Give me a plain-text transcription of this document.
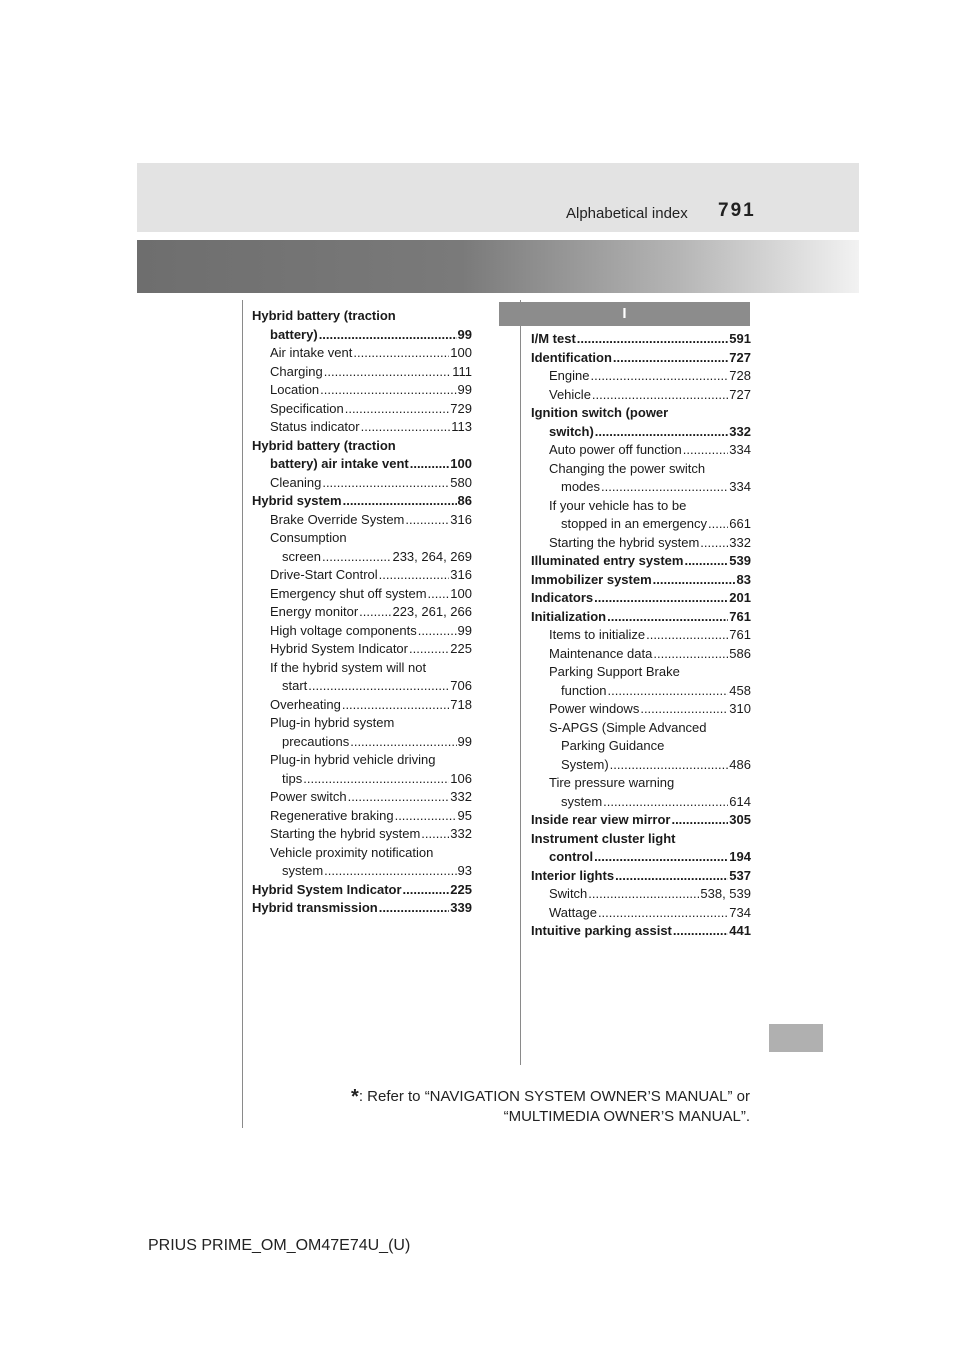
Alphabetical index 791
Hybrid battery (traction
battery) .....	99
Air intake vent .....	100
Charging .....	111
Location .....	99
Specification .....	729
Status indicator .....	113
Hybrid battery (traction
battery) air intake vent .....	100
Cleaning .....	580
Hybrid system .....	86
Brake Override System .....	316
Consumption
screen .....	233, 264, 269
Drive-Start Control .....	316
Emergency shut off system ..... 100
Energy monitor .....	223, 261, 266
High voltage components .....	99
Hybrid System Indicator .....	225
If the hybrid system will not
start .....	706
Overheating .....	718
Plug-in hybrid system
precautions .....	99
Plug-in hybrid vehicle driving
tips .....	106
Power switch .....	332
Regenerative braking .....	95
Starting the hybrid system ..... 332
Vehicle proximity notification
system .....	93
Hybrid System Indicator .....	225
Hybrid transmission .....	339
I
I/M test .....	591
Identification .....	727
Engine .....	728
Vehicle .....	727
Ignition switch (power
switch) .....	332
Auto power off function .....	334
Changing the power switch
modes .....	334
If your vehicle has to be
stopped in an emergency ..... 661
Starting the hybrid system ..... 332
Illuminated entry system .....	539
Immobilizer system .....	83
Indicators .....	201
Initialization .....	761
Items to initialize .....	761
Maintenance data .....	586
Parking Support Brake
function .....	458
Power windows .....	310
S-APGS (Simple Advanced
Parking Guidance
System) .....	486
Tire pressure warning
system .....	614
Inside rear view mirror .....	305
Instrument cluster light
control .....	194
Interior lights .....	537
Switch .....	538, 539
Wattage .....	734
Intuitive parking assist .....	441
*: Refer to “NAVIGATION SYSTEM OWNER’S MANUAL” or
“MULTIMEDIA OWNER’S MANUAL”.
PRIUS PRIME_OM_OM47E74U_(U)
